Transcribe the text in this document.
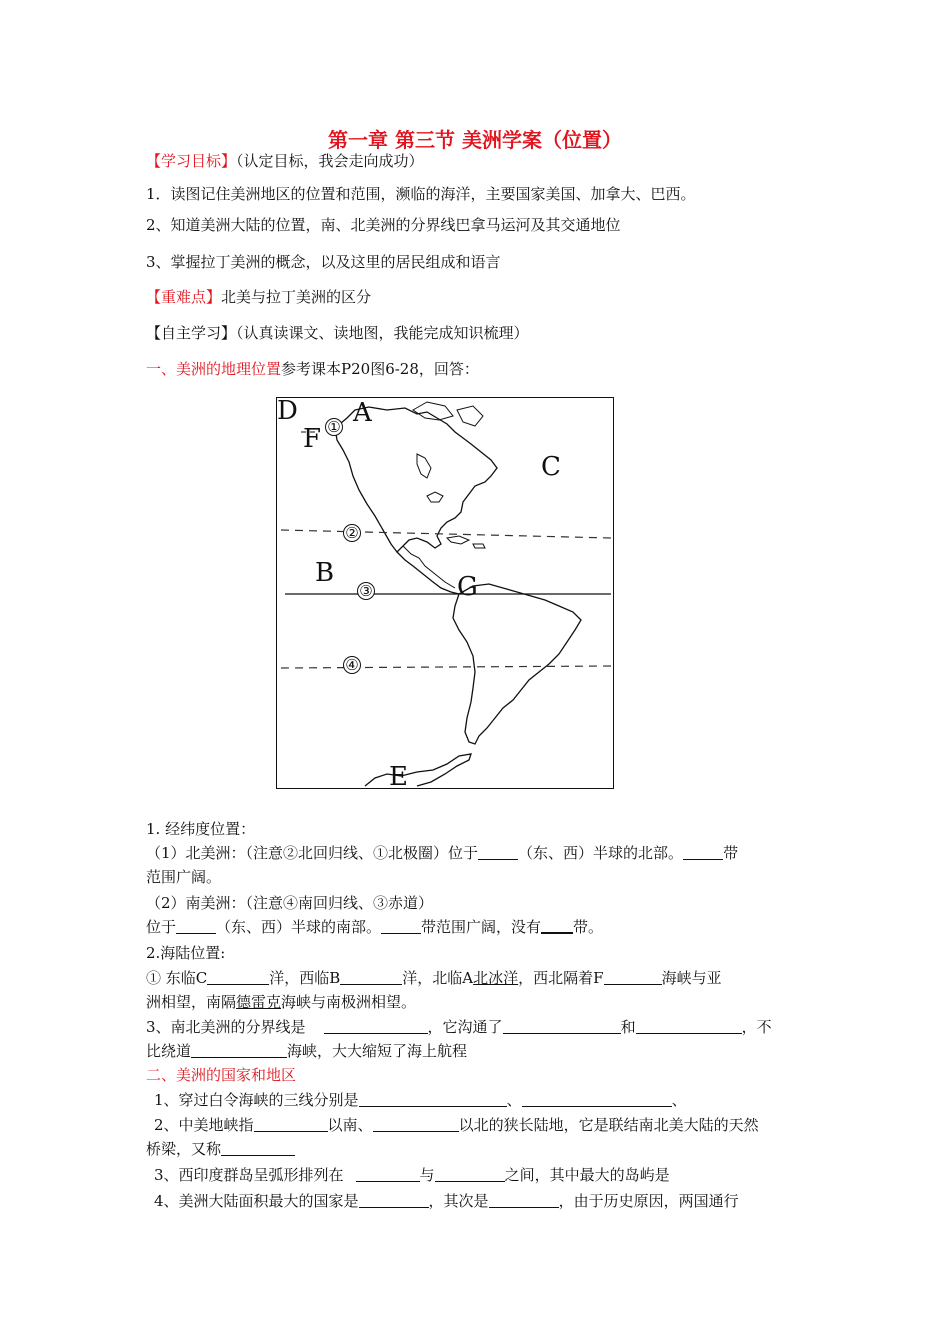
第一章 第三节 美洲学案（位置）
【学习目标】（认定目标，我会走向成功）
1．读图记住美洲地区的位置和范围，濒临的海洋，主要国家美国、加拿大、巴西。
2、知道美洲大陆的位置，南、北美洲的分界线巴拿马运河及其交通地位
3、掌握拉丁美洲的概念，以及这里的居民组成和语言
【重难点】北美与拉丁美洲的区分
【自主学习】（认真读课文、读地图，我能完成知识梳理）
一、美洲的地理位置参考课本P20图6-28，回答：
D A
F ①
C
②
B
③	G
④
E
1. 经纬度位置：
（1）北美洲：（注意②北回归线、①北极圈）位于	（东、西）半球的北部。	带
范围广阔。
（2）南美洲：（注意④南回归线、③赤道）
位于	（东、西）半球的南部。	带范围广阔，没有 带。
2.海陆位置:
① 东临C	洋，西临B	洋，北临A北冰洋，西北隔着F	海峡与亚
洲相望，南隔德雷克海峡与南极洲相望。
3、南北美洲的分界线是	，它沟通了	和	，不
比绕道	海峡，大大缩短了海上航程
二、美洲的国家和地区
1、穿过白令海峡的三线分别是	、	、
2、中美地峡指	以南、	以北的狭长陆地，它是联结南北美大陆的天然
桥梁，又称
3、西印度群岛呈弧形排列在	与	之间，其中最大的岛屿是
4、美洲大陆面积最大的国家是	，其次是	，由于历史原因，两国通行
